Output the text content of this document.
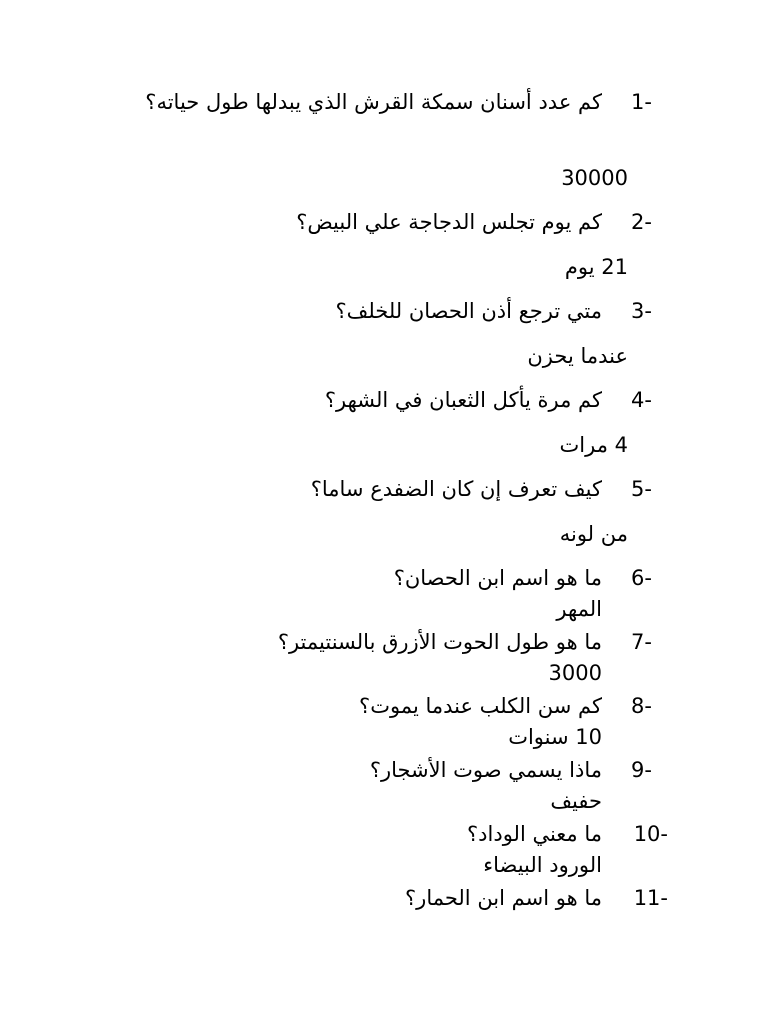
1-
كم عدد أسنان سمكة القرش الذي يبدلها طول حياته؟
30000
2-
كم يوم تجلس الدجاجة علي البيض؟
21 يوم
3-
متي ترجع أذن الحصان للخلف؟
عندما يحزن
4-
كم مرة يأكل الثعبان في الشهر؟
4 مرات
5-
كيف تعرف إن كان الضفدع ساما؟
من لونه
6-
ما هو اسم ابن الحصان؟
المهر
7-
ما هو طول الحوت الأزرق بالسنتيمتر؟
3000
8-
كم سن الكلب عندما يموت؟
10 سنوات
9-
ماذا يسمي صوت الأشجار؟
حفيف
10-
ما معني الوداد؟
الورود البيضاء
11-
ما هو اسم ابن الحمار؟
